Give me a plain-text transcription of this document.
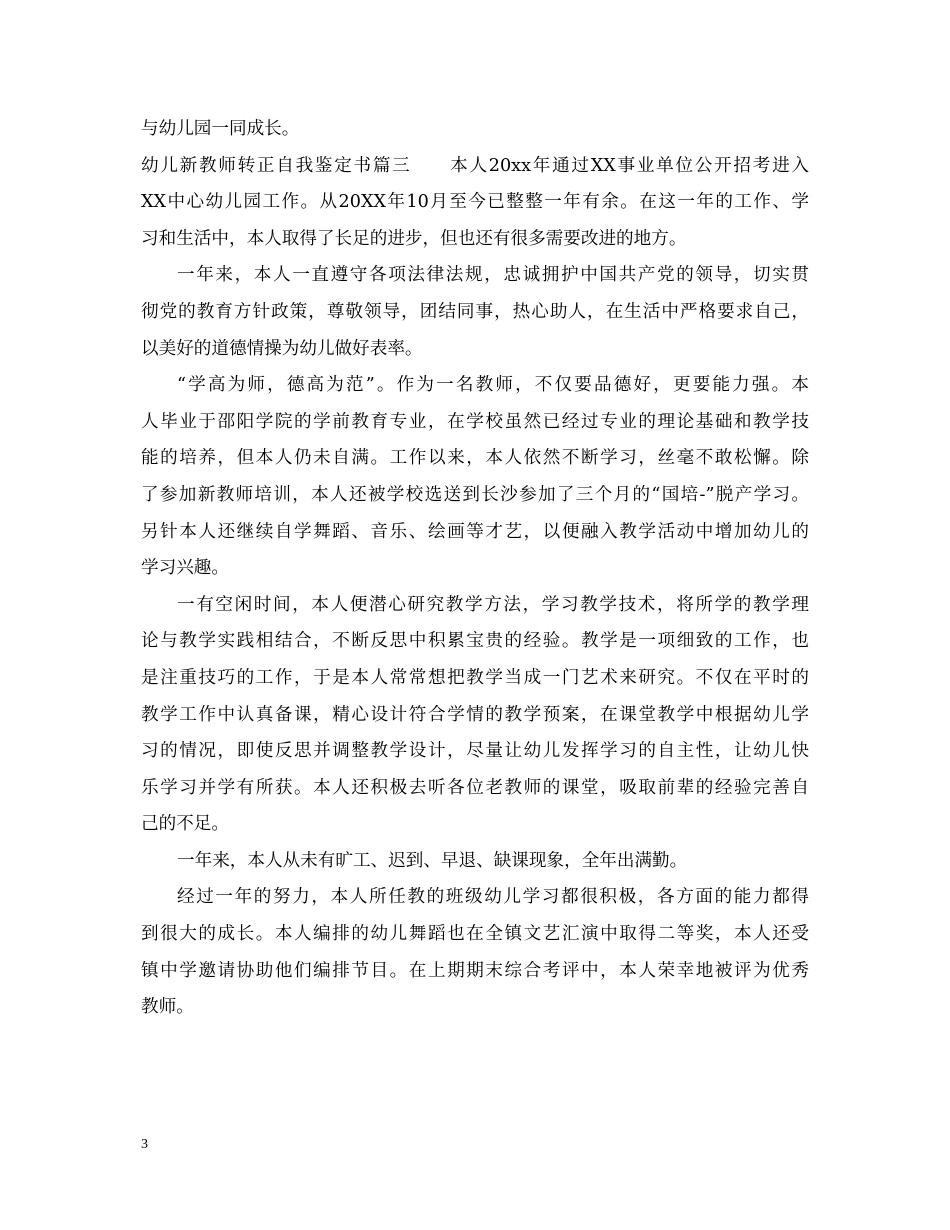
与幼儿园一同成长。
幼儿新教师转正自我鉴定书篇三　　本人20xx年通过XX事业单位公开招考进入
XX中心幼儿园工作。从20XX年10月至今已整整一年有余。在这一年的工作、学
习和生活中，本人取得了长足的进步，但也还有很多需要改进的地方。
一年来，本人一直遵守各项法律法规，忠诚拥护中国共产党的领导，切实贯
彻党的教育方针政策，尊敬领导，团结同事，热心助人，在生活中严格要求自己，
以美好的道德情操为幼儿做好表率。
“学高为师，德高为范”。作为一名教师，不仅要品德好，更要能力强。本
人毕业于邵阳学院的学前教育专业，在学校虽然已经过专业的理论基础和教学技
能的培养，但本人仍未自满。工作以来，本人依然不断学习，丝毫不敢松懈。除
了参加新教师培训，本人还被学校选送到长沙参加了三个月的“国培-”脱产学习。
另针本人还继续自学舞蹈、音乐、绘画等才艺，以便融入教学活动中增加幼儿的
学习兴趣。
一有空闲时间，本人便潜心研究教学方法，学习教学技术，将所学的教学理
论与教学实践相结合，不断反思中积累宝贵的经验。教学是一项细致的工作，也
是注重技巧的工作，于是本人常常想把教学当成一门艺术来研究。不仅在平时的
教学工作中认真备课，精心设计符合学情的教学预案，在课堂教学中根据幼儿学
习的情况，即使反思并调整教学设计，尽量让幼儿发挥学习的自主性，让幼儿快
乐学习并学有所获。本人还积极去听各位老教师的课堂，吸取前辈的经验完善自
己的不足。
一年来，本人从未有旷工、迟到、早退、缺课现象，全年出满勤。
经过一年的努力，本人所任教的班级幼儿学习都很积极，各方面的能力都得
到很大的成长。本人编排的幼儿舞蹈也在全镇文艺汇演中取得二等奖，本人还受
镇中学邀请协助他们编排节目。在上期期末综合考评中，本人荣幸地被评为优秀
教师。
3
